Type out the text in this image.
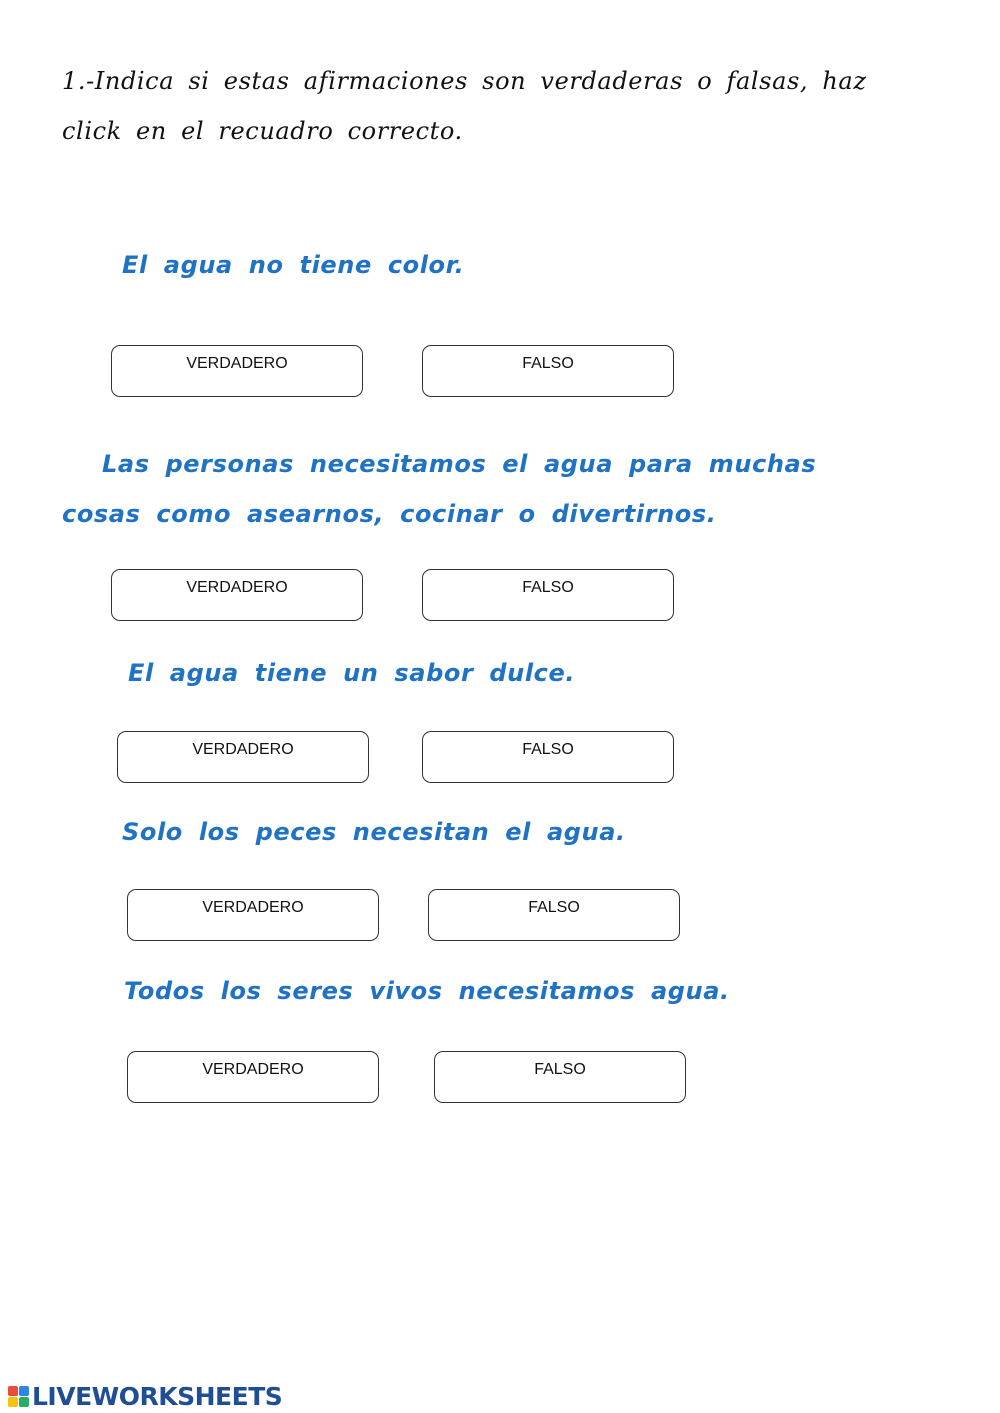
1.-Indica si estas afirmaciones son verdaderas o falsas, haz click en el recuadro correcto.

El agua no tiene color.

VERDADERO	FALSO

Las personas necesitamos el agua para muchas cosas como asearnos, cocinar o divertirnos.

VERDADERO	FALSO

El agua tiene un sabor dulce.

VERDADERO	FALSO

Solo los peces necesitan el agua.

VERDADERO	FALSO

Todos los seres vivos necesitamos agua.

VERDADERO	FALSO
LIVEWORKSHEETS
